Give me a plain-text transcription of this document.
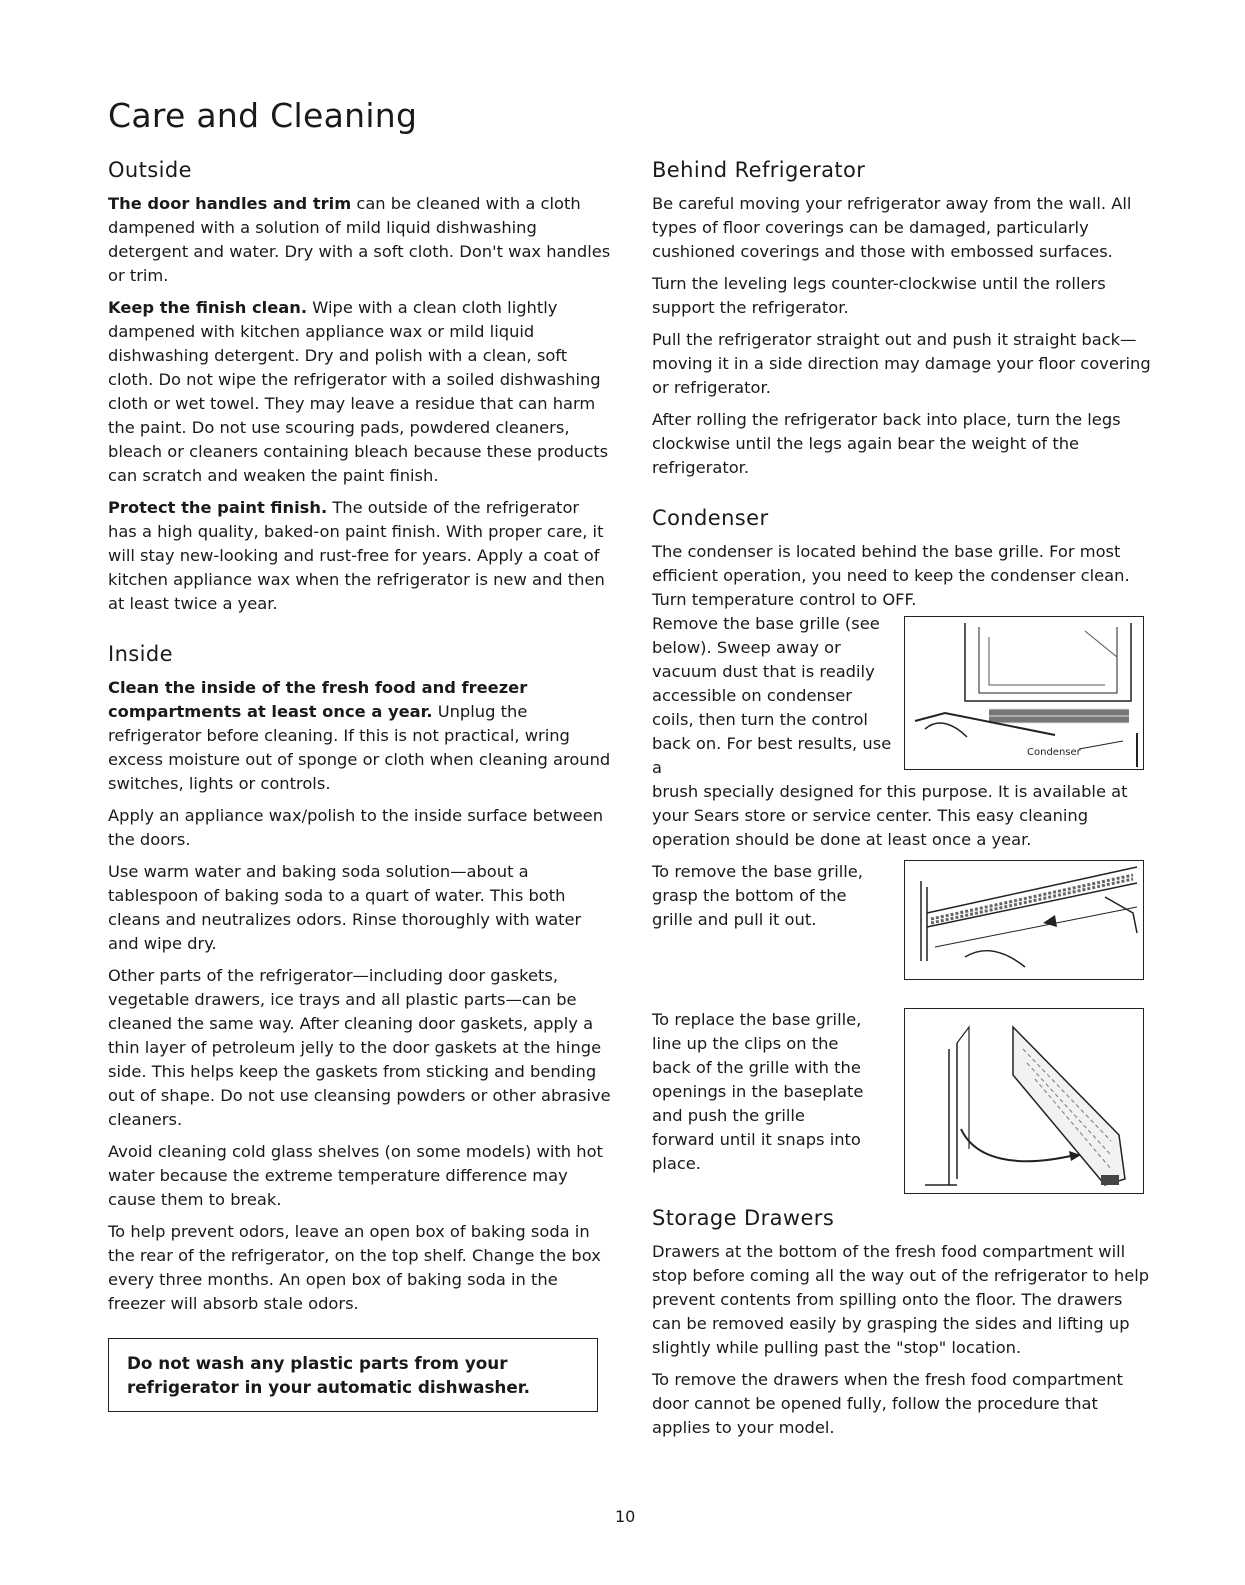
Care and Cleaning
Outside

The door handles and trim can be cleaned with a cloth dampened with a solution of mild liquid dishwashing detergent and water. Dry with a soft cloth. Don't wax handles or trim.

Keep the finish clean. Wipe with a clean cloth lightly dampened with kitchen appliance wax or mild liquid dishwashing detergent. Dry and polish with a clean, soft cloth. Do not wipe the refrigerator with a soiled dishwashing cloth or wet towel. They may leave a residue that can harm the paint. Do not use scouring pads, powdered cleaners, bleach or cleaners containing bleach because these products can scratch and weaken the paint finish.

Protect the paint finish. The outside of the refrigerator has a high quality, baked-on paint finish. With proper care, it will stay new-looking and rust-free for years. Apply a coat of kitchen appliance wax when the refrigerator is new and then at least twice a year.

Inside

Clean the inside of the fresh food and freezer compartments at least once a year. Unplug the refrigerator before cleaning. If this is not practical, wring excess moisture out of sponge or cloth when cleaning around switches, lights or controls.

Apply an appliance wax/polish to the inside surface between the doors.

Use warm water and baking soda solution—about a tablespoon of baking soda to a quart of water. This both cleans and neutralizes odors. Rinse thoroughly with water and wipe dry.

Other parts of the refrigerator—including door gaskets, vegetable drawers, ice trays and all plastic parts—can be cleaned the same way. After cleaning door gaskets, apply a thin layer of petroleum jelly to the door gaskets at the hinge side. This helps keep the gaskets from sticking and bending out of shape. Do not use cleansing powders or other abrasive cleaners.

Avoid cleaning cold glass shelves (on some models) with hot water because the extreme temperature difference may cause them to break.

To help prevent odors, leave an open box of baking soda in the rear of the refrigerator, on the top shelf. Change the box every three months. An open box of baking soda in the freezer will absorb stale odors.

Do not wash any plastic parts from your refrigerator in your automatic dishwasher.
Behind Refrigerator

Be careful moving your refrigerator away from the wall. All types of floor coverings can be damaged, particularly cushioned coverings and those with embossed surfaces.

Turn the leveling legs counter-clockwise until the rollers support the refrigerator.

Pull the refrigerator straight out and push it straight back—moving it in a side direction may damage your floor covering or refrigerator.

After rolling the refrigerator back into place, turn the legs clockwise until the legs again bear the weight of the refrigerator.

Condenser

The condenser is located behind the base grille. For most efficient operation, you need to keep the condenser clean. Turn temperature control to OFF.

Remove the base grille (see below). Sweep away or vacuum dust that is readily accessible on condenser coils, then turn the control back on. For best results, use a

Condenser

brush specially designed for this purpose. It is available at your Sears store or service center. This easy cleaning operation should be done at least once a year.

To remove the base grille, grasp the bottom of the grille and pull it out.

To replace the base grille, line up the clips on the back of the grille with the openings in the baseplate and push the grille forward until it snaps into place.

Storage Drawers

Drawers at the bottom of the fresh food compartment will stop before coming all the way out of the refrigerator to help prevent contents from spilling onto the floor. The drawers can be removed easily by grasping the sides and lifting up slightly while pulling past the "stop" location.

To remove the drawers when the fresh food compartment door cannot be opened fully, follow the procedure that applies to your model.

10
